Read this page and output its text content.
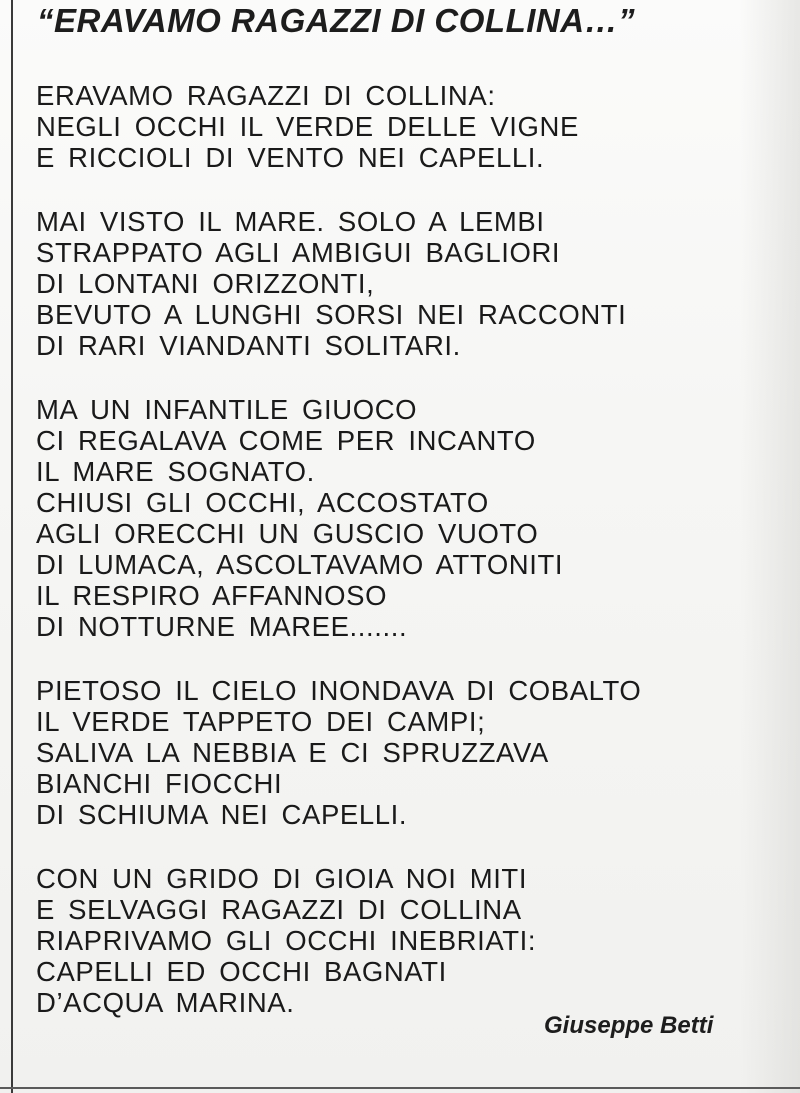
“ERAVAMO RAGAZZI DI COLLINA…”
ERAVAMO RAGAZZI DI COLLINA:
NEGLI OCCHI IL VERDE DELLE VIGNE
E RICCIOLI DI VENTO NEI CAPELLI.
MAI VISTO IL MARE. SOLO A LEMBI
STRAPPATO AGLI AMBIGUI BAGLIORI
DI LONTANI ORIZZONTI,
BEVUTO A LUNGHI SORSI NEI RACCONTI
DI RARI VIANDANTI SOLITARI.
MA UN INFANTILE GIUOCO
CI REGALAVA COME PER INCANTO
IL MARE SOGNATO.
CHIUSI GLI OCCHI, ACCOSTATO
AGLI ORECCHI UN GUSCIO VUOTO
DI LUMACA, ASCOLTAVAMO ATTONITI
IL RESPIRO AFFANNOSO
DI NOTTURNE MAREE.......
PIETOSO IL CIELO INONDAVA DI COBALTO
IL VERDE TAPPETO DEI CAMPI;
SALIVA LA NEBBIA E CI SPRUZZAVA
BIANCHI FIOCCHI
DI SCHIUMA NEI CAPELLI.
CON UN GRIDO DI GIOIA NOI MITI
E SELVAGGI RAGAZZI DI COLLINA
RIAPRIVAMO GLI OCCHI INEBRIATI:
CAPELLI ED OCCHI BAGNATI
D’ACQUA MARINA.
Giuseppe Betti
